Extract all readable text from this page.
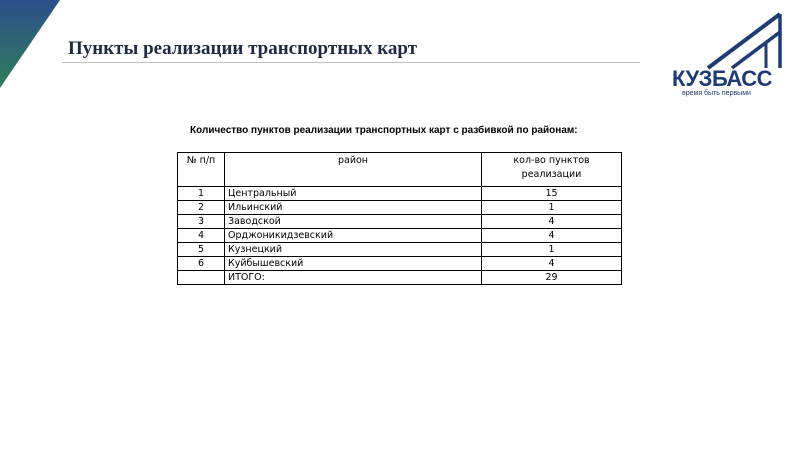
Пункты реализации транспортных карт
КУЗБАСС
время быть первыми
Количество пунктов реализации транспортных карт с разбивкой по районам:
№ п/п	район	кол-во пунктов реализации
1	Центральный	15
2	Ильинский	1
3	Заводской	4
4	Орджоникидзевский	4
5	Кузнецкий	1
6	Куйбышевский	4
	ИТОГО:	29
